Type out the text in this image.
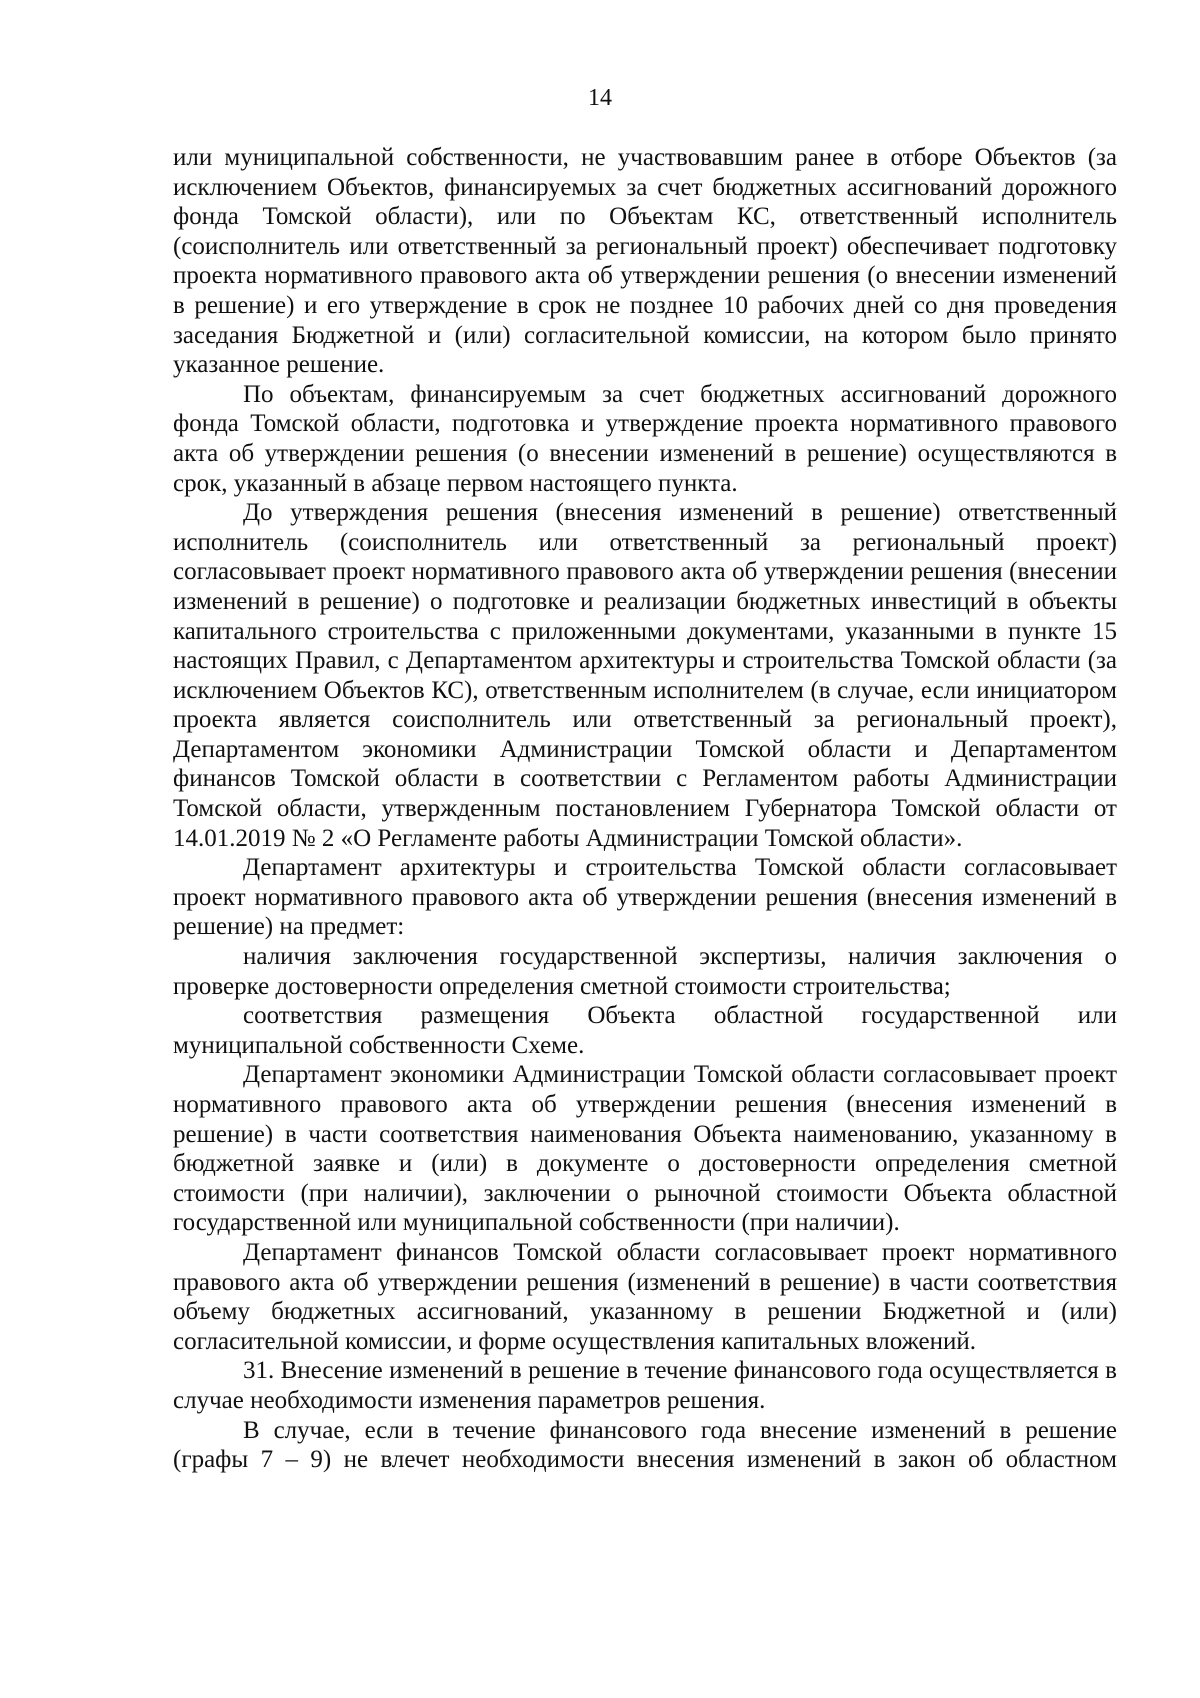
14

или муниципальной собственности, не участвовавшим ранее в отборе Объектов (за исключением Объектов, финансируемых за счет бюджетных ассигнований дорожного фонда Томской области), или по Объектам КС, ответственный исполнитель (соисполнитель или ответственный за региональный проект) обеспечивает подготовку проекта нормативного правового акта об утверждении решения (о внесении изменений в решение) и его утверждение в срок не позднее 10 рабочих дней со дня проведения заседания Бюджетной и (или) согласительной комиссии, на котором было принято указанное решение.

По объектам, финансируемым за счет бюджетных ассигнований дорожного фонда Томской области, подготовка и утверждение проекта нормативного правового акта об утверждении решения (о внесении изменений в решение) осуществляются в срок, указанный в абзаце первом настоящего пункта.

До утверждения решения (внесения изменений в решение) ответственный исполнитель (соисполнитель или ответственный за региональный проект) согласовывает проект нормативного правового акта об утверждении решения (внесении изменений в решение) о подготовке и реализации бюджетных инвестиций в объекты капитального строительства с приложенными документами, указанными в пункте 15 настоящих Правил, с Департаментом архитектуры и строительства Томской области (за исключением Объектов КС), ответственным исполнителем (в случае, если инициатором проекта является соисполнитель или ответственный за региональный проект), Департаментом экономики Администрации Томской области и Департаментом финансов Томской области в соответствии с Регламентом работы Администрации Томской области, утвержденным постановлением Губернатора Томской области от 14.01.2019 № 2 «О Регламенте работы Администрации Томской области».

Департамент архитектуры и строительства Томской области согласовывает проект нормативного правового акта об утверждении решения (внесения изменений в решение) на предмет:

наличия заключения государственной экспертизы, наличия заключения о проверке достоверности определения сметной стоимости строительства;

соответствия размещения Объекта областной государственной или муниципальной собственности Схеме.

Департамент экономики Администрации Томской области согласовывает проект нормативного правового акта об утверждении решения (внесения изменений в решение) в части соответствия наименования Объекта наименованию, указанному в бюджетной заявке и (или) в документе о достоверности определения сметной стоимости (при наличии), заключении о рыночной стоимости Объекта областной государственной или муниципальной собственности (при наличии).

Департамент финансов Томской области согласовывает проект нормативного правового акта об утверждении решения (изменений в решение) в части соответствия объему бюджетных ассигнований, указанному в решении Бюджетной и (или) согласительной комиссии, и форме осуществления капитальных вложений.

31. Внесение изменений в решение в течение финансового года осуществляется в случае необходимости изменения параметров решения.

В случае, если в течение финансового года внесение изменений в решение (графы 7 – 9) не влечет необходимости внесения изменений в закон об областном
